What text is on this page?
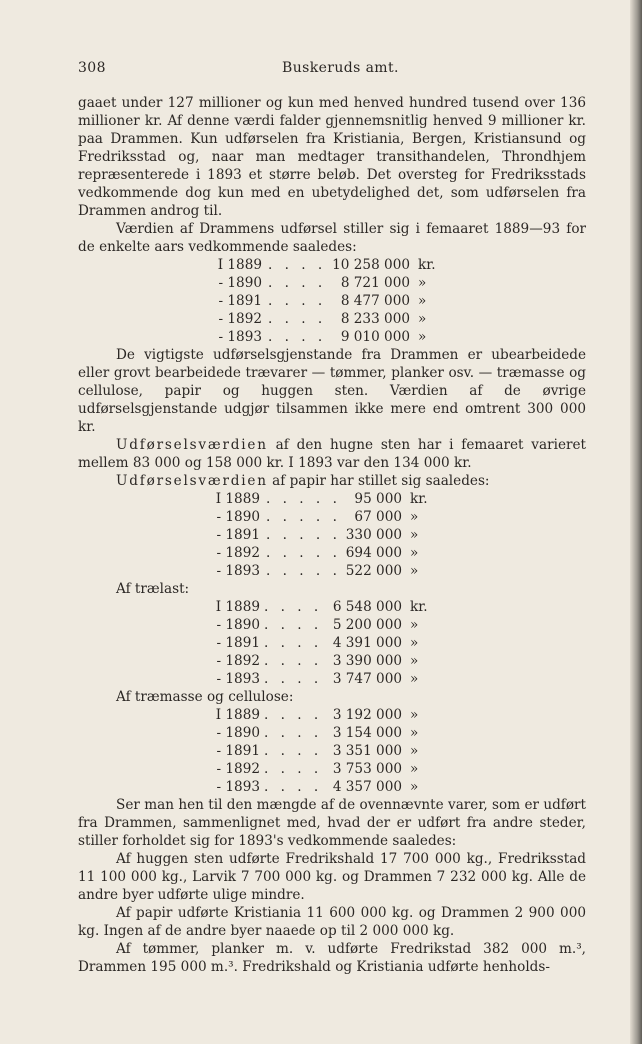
308	Buskeruds amt.

gaaet under 127 millioner og kun med henved hundred tusend over 136 millioner kr. Af denne værdi falder gjennemsnitlig henved 9 millioner kr. paa Drammen. Kun udførselen fra Kristiania, Bergen, Kristiansund og Fredriksstad og, naar man medtager transithandelen, Throndhjem repræsenterede i 1893 et større beløb. Det oversteg for Fredriksstads vedkommende dog kun med en ubetydelighed det, som udførselen fra Drammen androg til.

Værdien af Drammens udførsel stiller sig i femaaret 1889—93 for de enkelte aars vedkommende saaledes:

I 1889 . . . . 10 258 000 kr.
- 1890 . . . .	8 721 000 »
- 1891 . . . .	8 477 000 »
- 1892 . . . .	8 233 000 »
- 1893 . . . .	9 010 000 »

De vigtigste udførselsgjenstande fra Drammen er ubearbeidede eller grovt bearbeidede trævarer — tømmer, planker osv. — træmasse og cellulose, papir og huggen sten. Værdien af de øvrige udførselsgjenstande udgjør tilsammen ikke mere end omtrent 300 000 kr.

Udførselsværdien af den hugne sten har i femaaret varieret mellem 83 000 og 158 000 kr. I 1893 var den 134 000 kr.

Udførselsværdien af papir har stillet sig saaledes:

I 1889 . . . . . 95 000 kr.
- 1890 . . . . . 67 000 »
- 1891 . . . . . 330 000 »
- 1892 . . . . . 694 000 »
- 1893 . . . . . 522 000 »
Af trælast:
I 1889 . . . . 6 548 000 kr.
- 1890 . . . . 5 200 000 »
- 1891 . . . . 4 391 000 »
- 1892 . . . . 3 390 000 »
- 1893 . . . . 3 747 000 »
Af træmasse og cellulose:
I 1889 . . . . 3 192 000 »
- 1890 . . . . 3 154 000 »
- 1891 . . . . 3 351 000 »
- 1892 . . . . 3 753 000 »
- 1893 . . . . 4 357 000 »

Ser man hen til den mængde af de ovennævnte varer, som er udført fra Drammen, sammenlignet med, hvad der er udført fra andre steder, stiller forholdet sig for 1893's vedkommende saaledes:

Af huggen sten udførte Fredrikshald 17 700 000 kg., Fredriksstad 11 100 000 kg., Larvik 7 700 000 kg. og Drammen 7 232 000 kg. Alle de andre byer udførte ulige mindre.

Af papir udførte Kristiania 11 600 000 kg. og Drammen 2 900 000 kg. Ingen af de andre byer naaede op til 2 000 000 kg.

Af tømmer, planker m. v. udførte Fredrikstad 382 000 m.³, Drammen 195 000 m.³. Fredrikshald og Kristiania udførte henholds-
